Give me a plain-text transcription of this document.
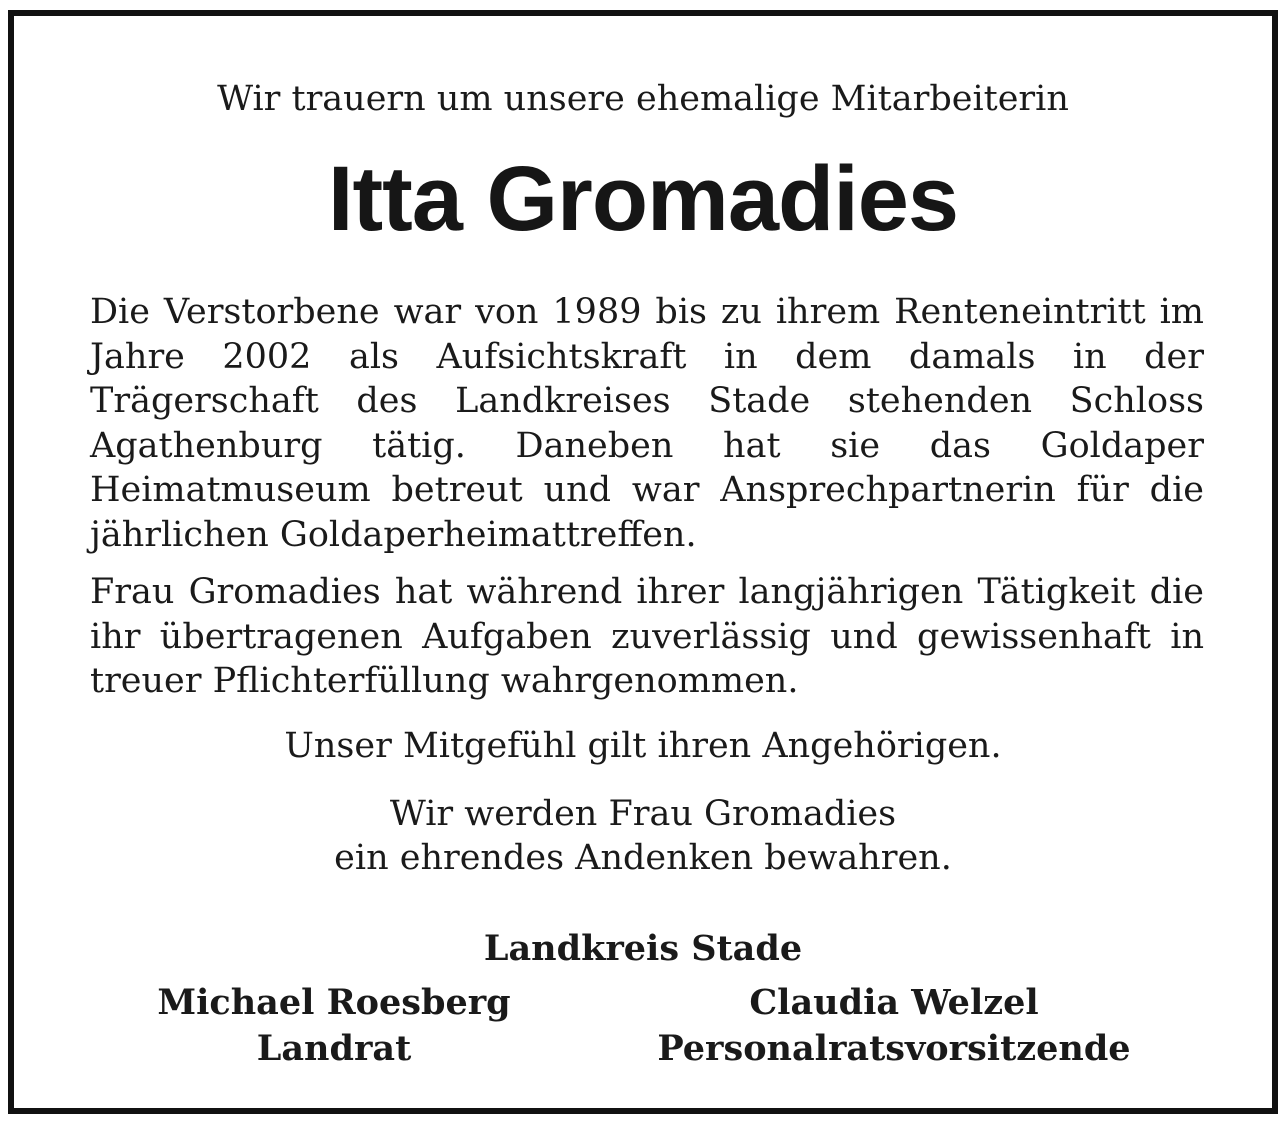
Wir trauern um unsere ehemalige Mitarbeiterin

Itta Gromadies

Die Verstorbene war von 1989 bis zu ihrem Renteneintritt im Jahre 2002 als Aufsichtskraft in dem damals in der Trägerschaft des Landkreises Stade stehenden Schloss Agathenburg tätig. Daneben hat sie das Goldaper Heimatmuseum betreut und war Ansprechpartnerin für die jährlichen Goldaperheimattreffen.

Frau Gromadies hat während ihrer langjährigen Tätigkeit die ihr übertragenen Aufgaben zuverlässig und gewissenhaft in treuer Pflichterfüllung wahrgenommen.

Unser Mitgefühl gilt ihren Angehörigen.

Wir werden Frau Gromadies

ein ehrendes Andenken bewahren.

Landkreis Stade

Michael Roesberg

Landrat

Claudia Welzel

Personalratsvorsitzende
